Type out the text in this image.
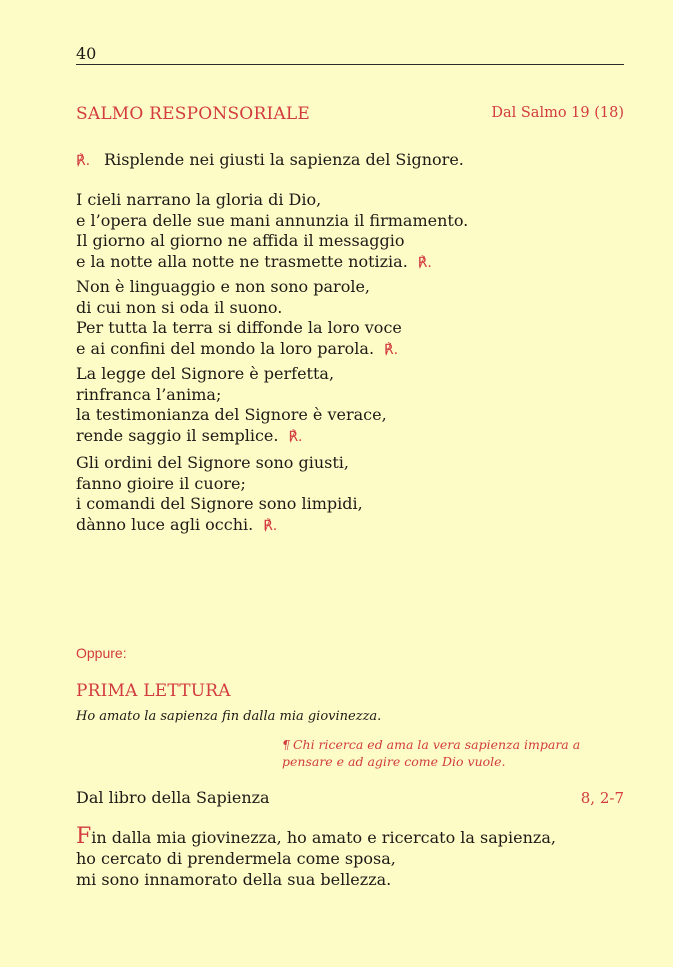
40
SALMO RESPONSORIALE	Dal Salmo 19 (18)
℟. Risplende nei giusti la sapienza del Signore.
I cieli narrano la gloria di Dio,
e l’opera delle sue mani annunzia il firmamento.
Il giorno al giorno ne affida il messaggio
e la notte alla notte ne trasmette notizia. ℟.
Non è linguaggio e non sono parole,
di cui non si oda il suono.
Per tutta la terra si diffonde la loro voce
e ai confini del mondo la loro parola. ℟.
La legge del Signore è perfetta,
rinfranca l’anima;
la testimonianza del Signore è verace,
rende saggio il semplice. ℟.
Gli ordini del Signore sono giusti,
fanno gioire il cuore;
i comandi del Signore sono limpidi,
dànno luce agli occhi. ℟.
Oppure:
PRIMA LETTURA
Ho amato la sapienza fin dalla mia giovinezza.
¶ Chi ricerca ed ama la vera sapienza impara a pensare e ad agire come Dio vuole.
Dal libro della Sapienza	8, 2-7
Fin dalla mia giovinezza, ho amato e ricercato la sapienza,
ho cercato di prendermela come sposa,
mi sono innamorato della sua bellezza.
